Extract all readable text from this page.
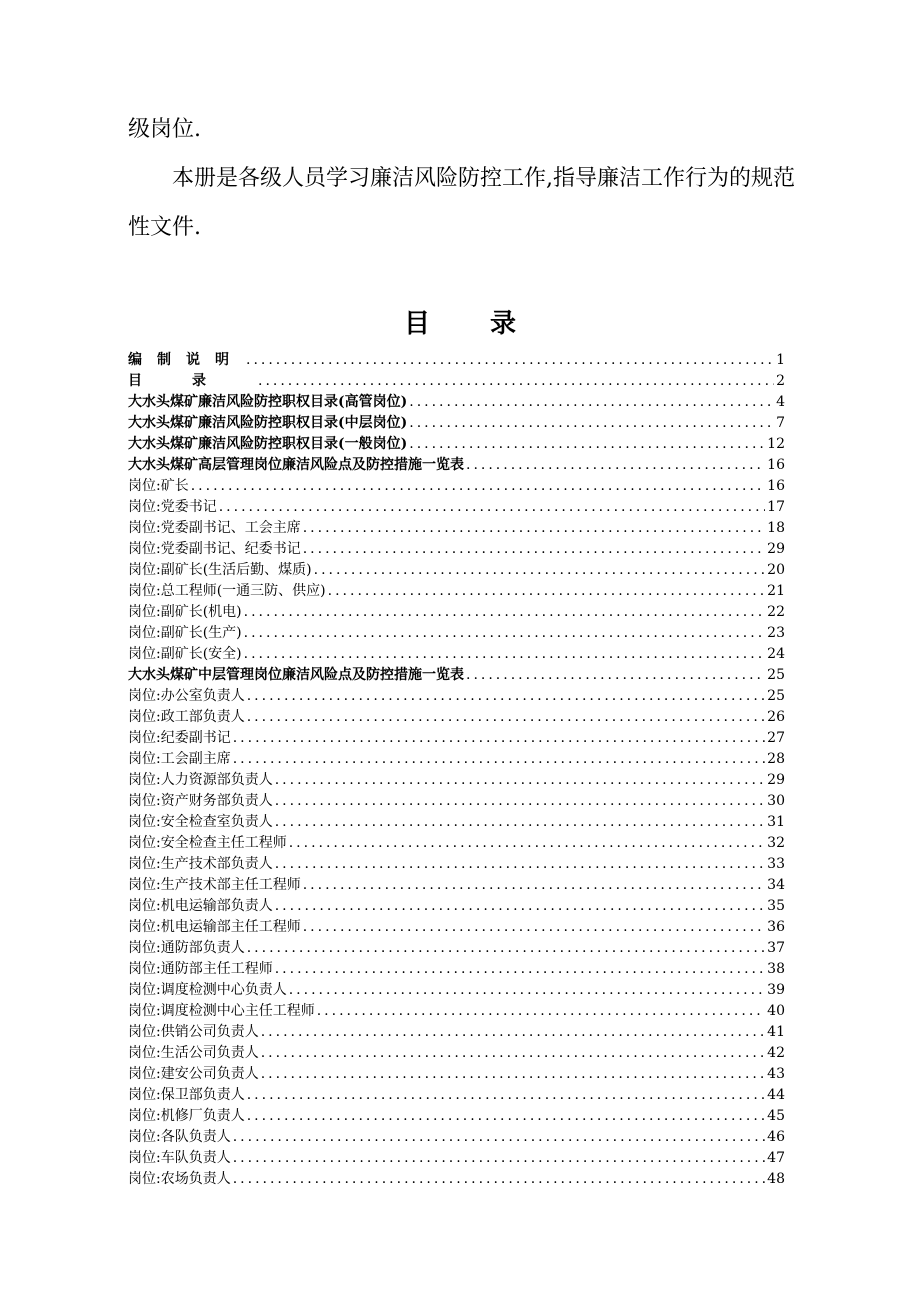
级岗位.

本册是各级人员学习廉洁风险防控工作,指导廉洁工作行为的规范

性文件.

目录
编制说明 .....	1
目录 .....	2
大水头煤矿廉洁风险防控职权目录(高管岗位) .....	4
大水头煤矿廉洁风险防控职权目录(中层岗位) .....	7
大水头煤矿廉洁风险防控职权目录(一般岗位) .....	12
大水头煤矿高层管理岗位廉洁风险点及防控措施一览表 .....	16
岗位:矿长 .....	16
岗位:党委书记 .....	17
岗位:党委副书记、工会主席 .....	18
岗位:党委副书记、纪委书记 .....	29
岗位:副矿长(生活后勤、煤质) .....	20
岗位:总工程师(一通三防、供应) .....	21
岗位:副矿长(机电) .....	22
岗位:副矿长(生产) .....	23
岗位:副矿长(安全) .....	24
大水头煤矿中层管理岗位廉洁风险点及防控措施一览表 .....	25
岗位:办公室负责人 .....	25
岗位:政工部负责人 .....	26
岗位:纪委副书记 .....	27
岗位:工会副主席 .....	28
岗位:人力资源部负责人 .....	29
岗位:资产财务部负责人 .....	30
岗位:安全检查室负责人 .....	31
岗位:安全检查主任工程师 .....	32
岗位:生产技术部负责人 .....	33
岗位:生产技术部主任工程师 .....	34
岗位:机电运输部负责人 .....	35
岗位:机电运输部主任工程师 .....	36
岗位:通防部负责人 .....	37
岗位:通防部主任工程师 .....	38
岗位:调度检测中心负责人 .....	39
岗位:调度检测中心主任工程师 .....	40
岗位:供销公司负责人 .....	41
岗位:生活公司负责人 .....	42
岗位:建安公司负责人 .....	43
岗位:保卫部负责人 .....	44
岗位:机修厂负责人 .....	45
岗位:各队负责人 .....	46
岗位:车队负责人 .....	47
岗位:农场负责人 .....	48
